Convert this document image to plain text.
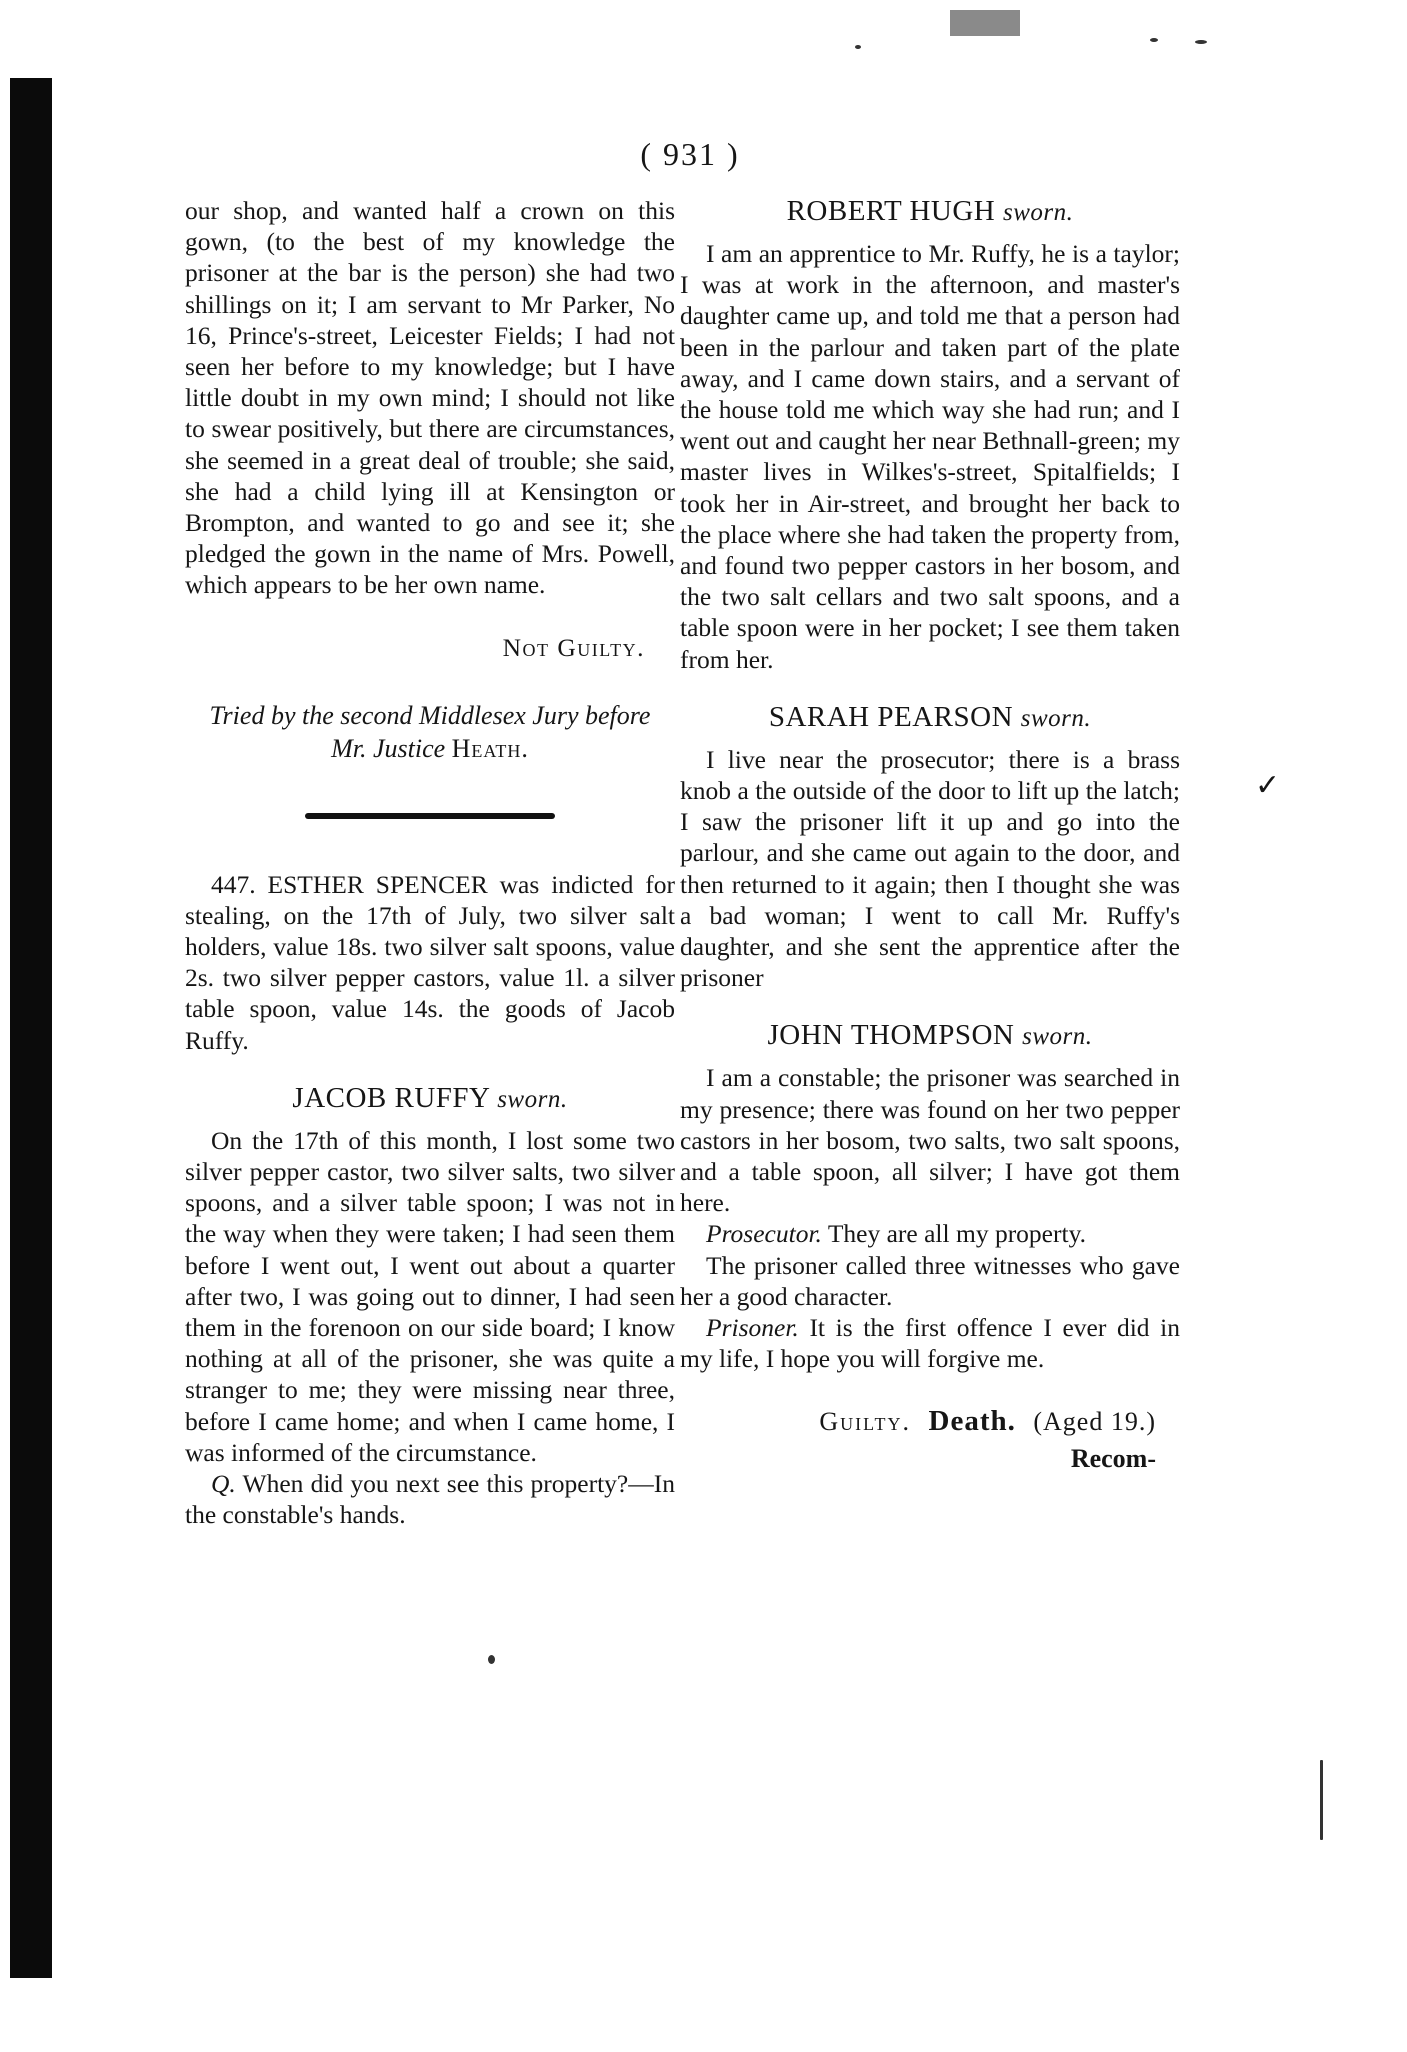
✓
( 931 )

our shop, and wanted half a crown on this gown, (to the best of my knowledge the prisoner at the bar is the person) she had two shillings on it; I am servant to Mr Parker, No 16, Prince's-street, Leicester Fields; I had not seen her before to my knowledge; but I have little doubt in my own mind; I should not like to swear positively, but there are circumstances, she seemed in a great deal of trouble; she said, she had a child lying ill at Kensington or Brompton, and wanted to go and see it; she pledged the gown in the name of Mrs. Powell, which appears to be her own name.

Not Guilty.
Tried by the second Middlesex Jury before
Mr. Justice Heath.

447. ESTHER SPENCER was indicted for stealing, on the 17th of July, two silver salt holders, value 18s. two silver salt spoons, value 2s. two silver pepper castors, value 1l. a silver table spoon, value 14s. the goods of Jacob Ruffy.

JACOB RUFFY sworn.

On the 17th of this month, I lost some two silver pepper castor, two silver salts, two silver spoons, and a silver table spoon; I was not in the way when they were taken; I had seen them before I went out, I went out about a quarter after two, I was going out to dinner, I had seen them in the forenoon on our side board; I know nothing at all of the prisoner, she was quite a stranger to me; they were missing near three, before I came home; and when I came home, I was informed of the circumstance.

Q. When did you next see this property?—In the constable's hands.

ROBERT HUGH sworn.

I am an apprentice to Mr. Ruffy, he is a taylor; I was at work in the afternoon, and master's daughter came up, and told me that a person had been in the parlour and taken part of the plate away, and I came down stairs, and a servant of the house told me which way she had run; and I went out and caught her near Bethnall-green; my master lives in Wilkes's-street, Spitalfields; I took her in Air-street, and brought her back to the place where she had taken the property from, and found two pepper castors in her bosom, and the two salt cellars and two salt spoons, and a table spoon were in her pocket; I see them taken from her.

SARAH PEARSON sworn.

I live near the prosecutor; there is a brass knob a the outside of the door to lift up the latch; I saw the prisoner lift it up and go into the parlour, and she came out again to the door, and then returned to it again; then I thought she was a bad woman; I went to call Mr. Ruffy's daughter, and she sent the apprentice after the prisoner

JOHN THOMPSON sworn.

I am a constable; the prisoner was searched in my presence; there was found on her two pepper castors in her bosom, two salts, two salt spoons, and a table spoon, all silver; I have got them here.

Prosecutor. They are all my property.

The prisoner called three witnesses who gave her a good character.

Prisoner. It is the first offence I ever did in my life, I hope you will forgive me.

Guilty. Death. (Aged 19.)
Recom-
